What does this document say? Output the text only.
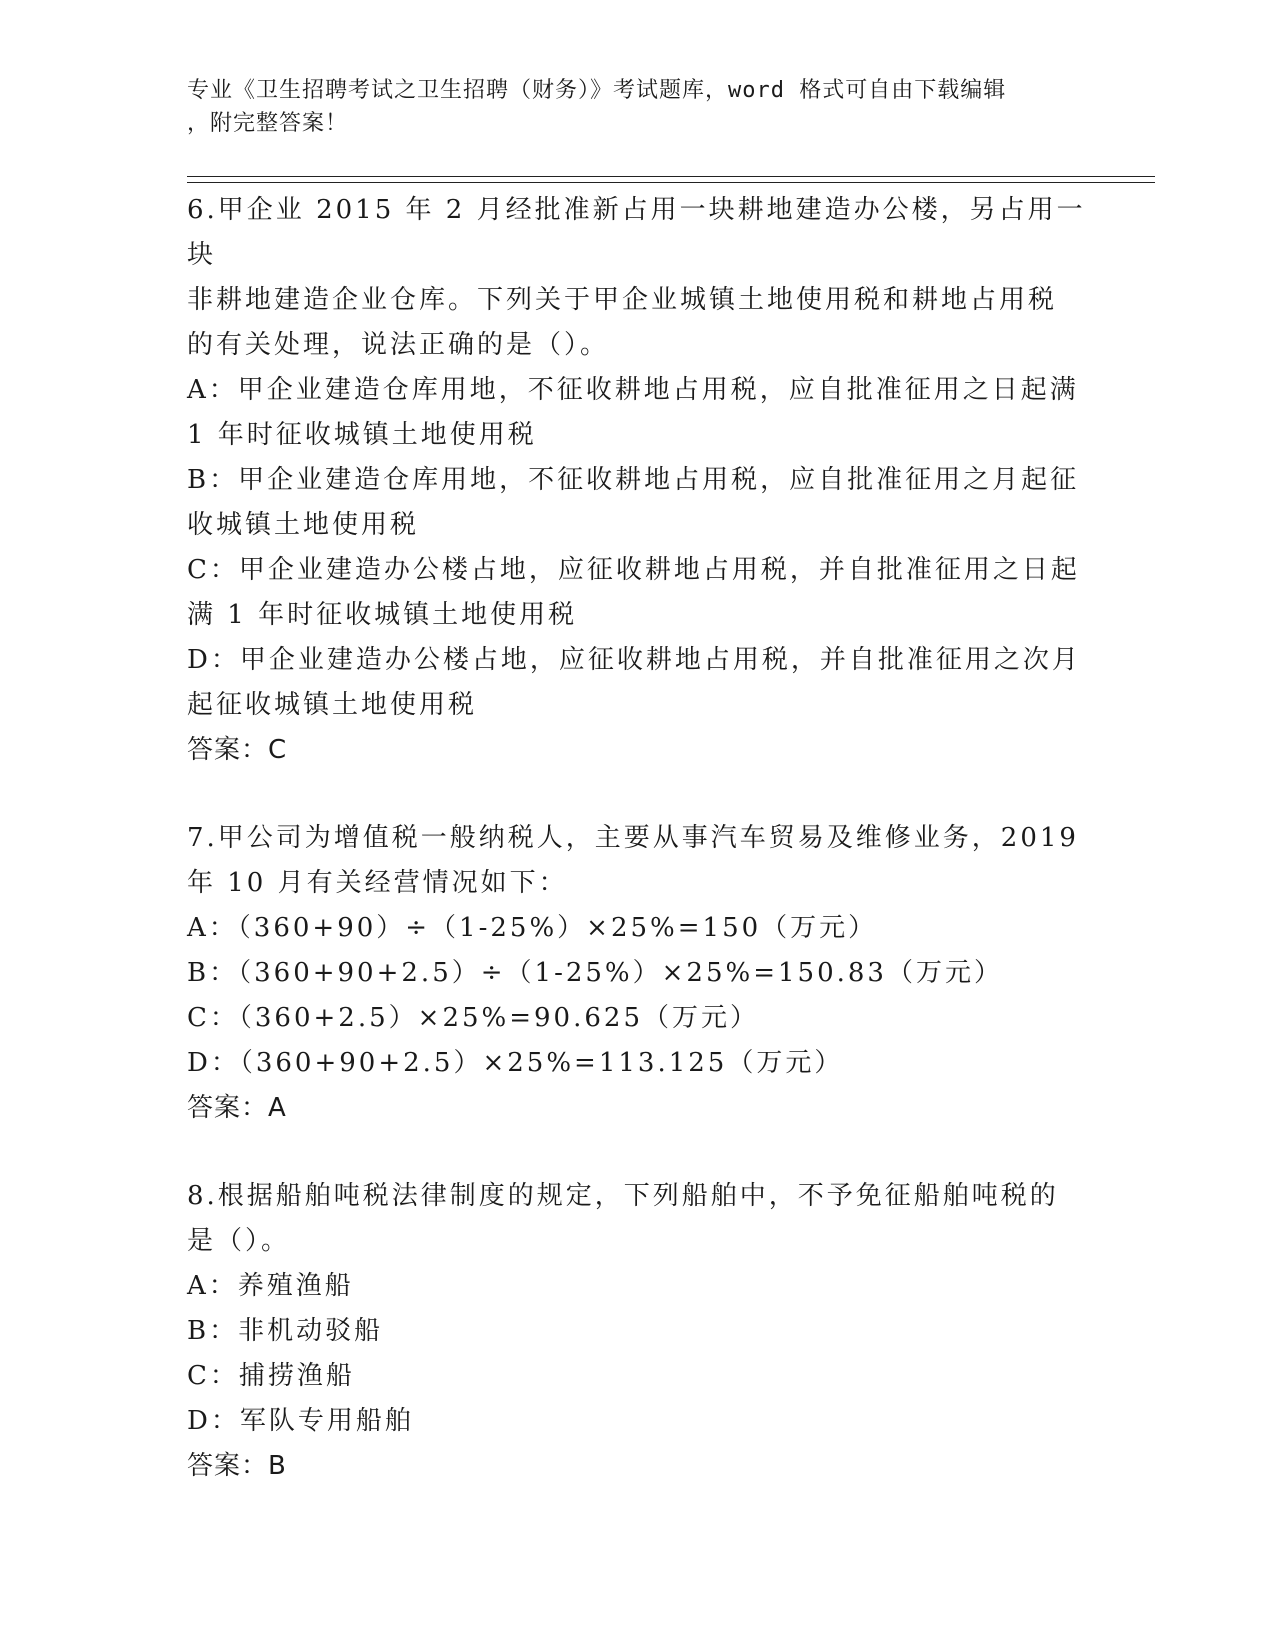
专业《卫生招聘考试之卫生招聘（财务）》考试题库，word 格式可自由下载编辑
，附完整答案！

6.甲企业 2015 年 2 月经批准新占用一块耕地建造办公楼，另占用一块

非耕地建造企业仓库。下列关于甲企业城镇土地使用税和耕地占用税

的有关处理，说法正确的是（）。

A：甲企业建造仓库用地，不征收耕地占用税，应自批准征用之日起满

1 年时征收城镇土地使用税

B：甲企业建造仓库用地，不征收耕地占用税，应自批准征用之月起征

收城镇土地使用税

C：甲企业建造办公楼占地，应征收耕地占用税，并自批准征用之日起

满 1 年时征收城镇土地使用税

D：甲企业建造办公楼占地，应征收耕地占用税，并自批准征用之次月

起征收城镇土地使用税

答案：C

7.甲公司为增值税一般纳税人，主要从事汽车贸易及维修业务，2019

年 10 月有关经营情况如下：

A：（360+90）÷（1-25%）×25%=150（万元）

B：（360+90+2.5）÷（1-25%）×25%=150.83（万元）

C：（360+2.5）×25%=90.625（万元）

D：（360+90+2.5）×25%=113.125（万元）

答案：A

8.根据船舶吨税法律制度的规定，下列船舶中，不予免征船舶吨税的

是（）。

A：养殖渔船

B：非机动驳船

C：捕捞渔船

D：军队专用船舶

答案：B
